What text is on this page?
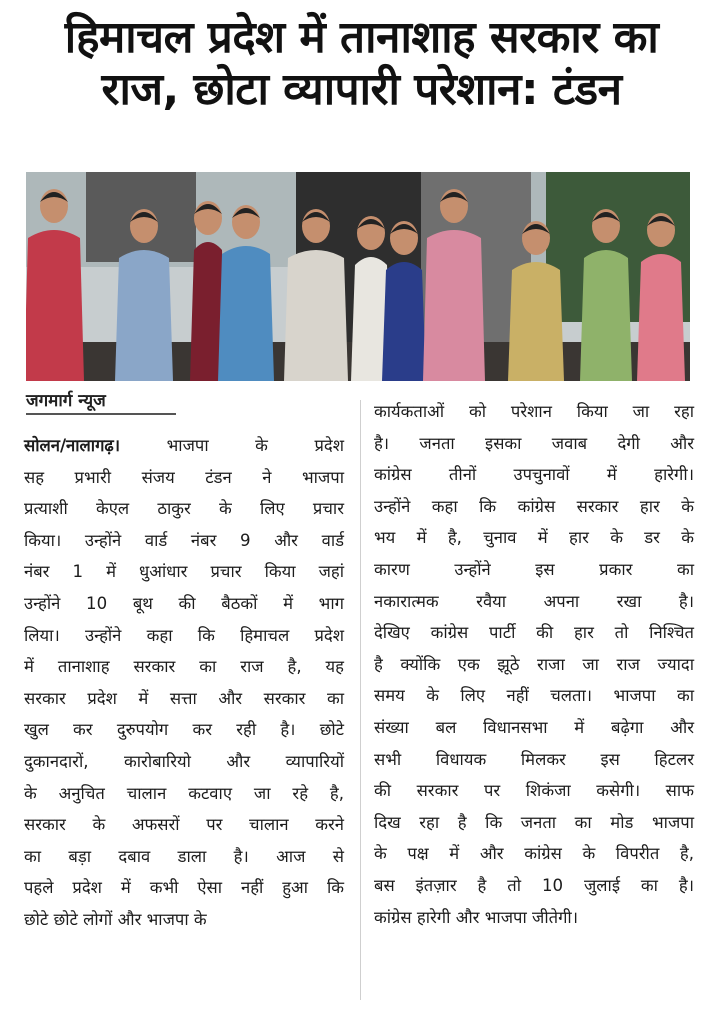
हिमाचल प्रदेश में तानाशाह सरकार का
राज, छोटा व्यापारी परेशान: टंडन
जगमार्ग न्यूज
सोलन/नालागढ़। भाजपा के प्रदेश
सह प्रभारी संजय टंडन ने भाजपा
प्रत्याशी केएल ठाकुर के लिए प्रचार
किया। उन्होंने वार्ड नंबर 9 और वार्ड
नंबर 1 में धुआंधार प्रचार किया जहां
उन्होंने 10 बूथ की बैठकों में भाग
लिया। उन्होंने कहा कि हिमाचल प्रदेश
में तानाशाह सरकार का राज है, यह
सरकार प्रदेश में सत्ता और सरकार का
खुल कर दुरुपयोग कर रही है। छोटे
दुकानदारों, कारोबारियो और व्यापारियों
के अनुचित चालान कटवाए जा रहे है,
सरकार के अफसरों पर चालान करने
का बड़ा दबाव डाला है। आज से
पहले प्रदेश में कभी ऐसा नहीं हुआ कि
छोटे छोटे लोगों और भाजपा के
कार्यकताओं को परेशान किया जा रहा
है। जनता इसका जवाब देगी और
कांग्रेस तीनों उपचुनावों में हारेगी।
उन्होंने कहा कि कांग्रेस सरकार हार के
भय में है, चुनाव में हार के डर के
कारण उन्होंने इस प्रकार का
नकारात्मक रवैया अपना रखा है।
देखिए कांग्रेस पार्टी की हार तो निश्चित
है क्योंकि एक झूठे राजा जा राज ज्यादा
समय के लिए नहीं चलता। भाजपा का
संख्या बल विधानसभा में बढ़ेगा और
सभी विधायक मिलकर इस हिटलर
की सरकार पर शिकंजा कसेगी। साफ
दिख रहा है कि जनता का मोड भाजपा
के पक्ष में और कांग्रेस के विपरीत है,
बस इंतज़ार है तो 10 जुलाई का है।
कांग्रेस हारेगी और भाजपा जीतेगी।
